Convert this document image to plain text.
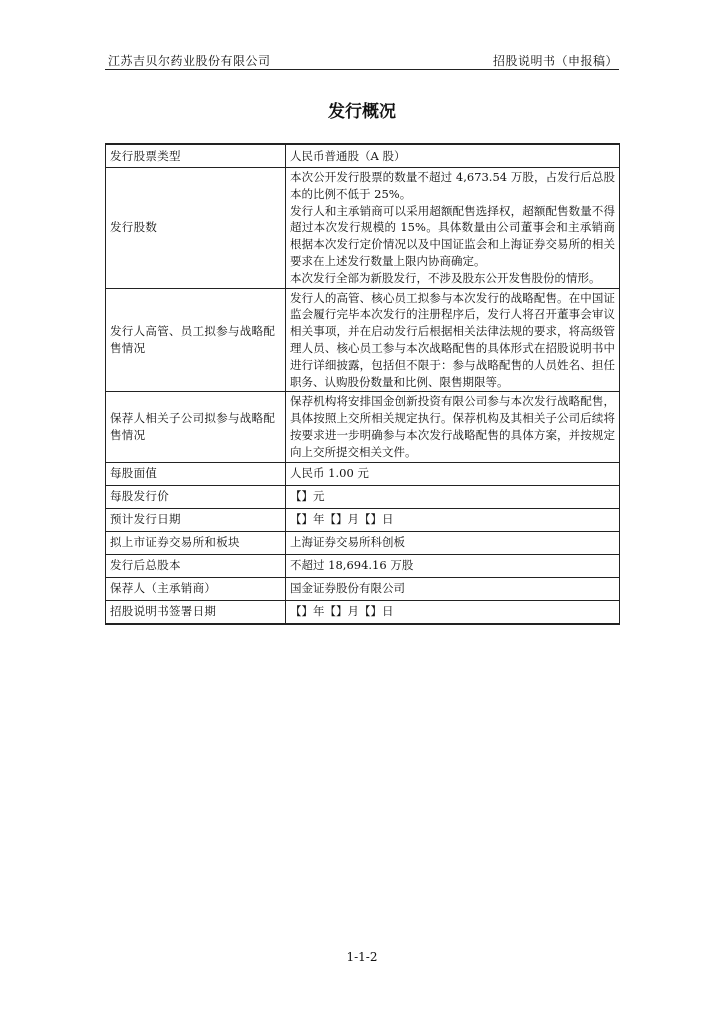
江苏吉贝尔药业股份有限公司	招股说明书（申报稿）
发行概况
发行股票类型	人民币普通股（A 股）
发行股数	本次公开发行股票的数量不超过 4,673.54 万股，占发行后总股本的比例不低于 25%。
发行人和主承销商可以采用超额配售选择权，超额配售数量不得超过本次发行规模的 15%。具体数量由公司董事会和主承销商根据本次发行定价情况以及中国证监会和上海证券交易所的相关要求在上述发行数量上限内协商确定。
本次发行全部为新股发行，不涉及股东公开发售股份的情形。

发行人高管、员工拟参与战略配售情况	发行人的高管、核心员工拟参与本次发行的战略配售。在中国证监会履行完毕本次发行的注册程序后，发行人将召开董事会审议相关事项，并在启动发行后根据相关法律法规的要求，将高级管理人员、核心员工参与本次战略配售的具体形式在招股说明书中进行详细披露，包括但不限于：参与战略配售的人员姓名、担任职务、认购股份数量和比例、限售期限等。
保荐人相关子公司拟参与战略配售情况	保荐机构将安排国金创新投资有限公司参与本次发行战略配售，具体按照上交所相关规定执行。保荐机构及其相关子公司后续将按要求进一步明确参与本次发行战略配售的具体方案，并按规定向上交所提交相关文件。
每股面值	人民币 1.00 元
每股发行价	【】元
预计发行日期	【】年【】月【】日
拟上市证券交易所和板块	上海证券交易所科创板
发行后总股本	不超过 18,694.16 万股
保荐人（主承销商）	国金证券股份有限公司
招股说明书签署日期	【】年【】月【】日
1-1-2
